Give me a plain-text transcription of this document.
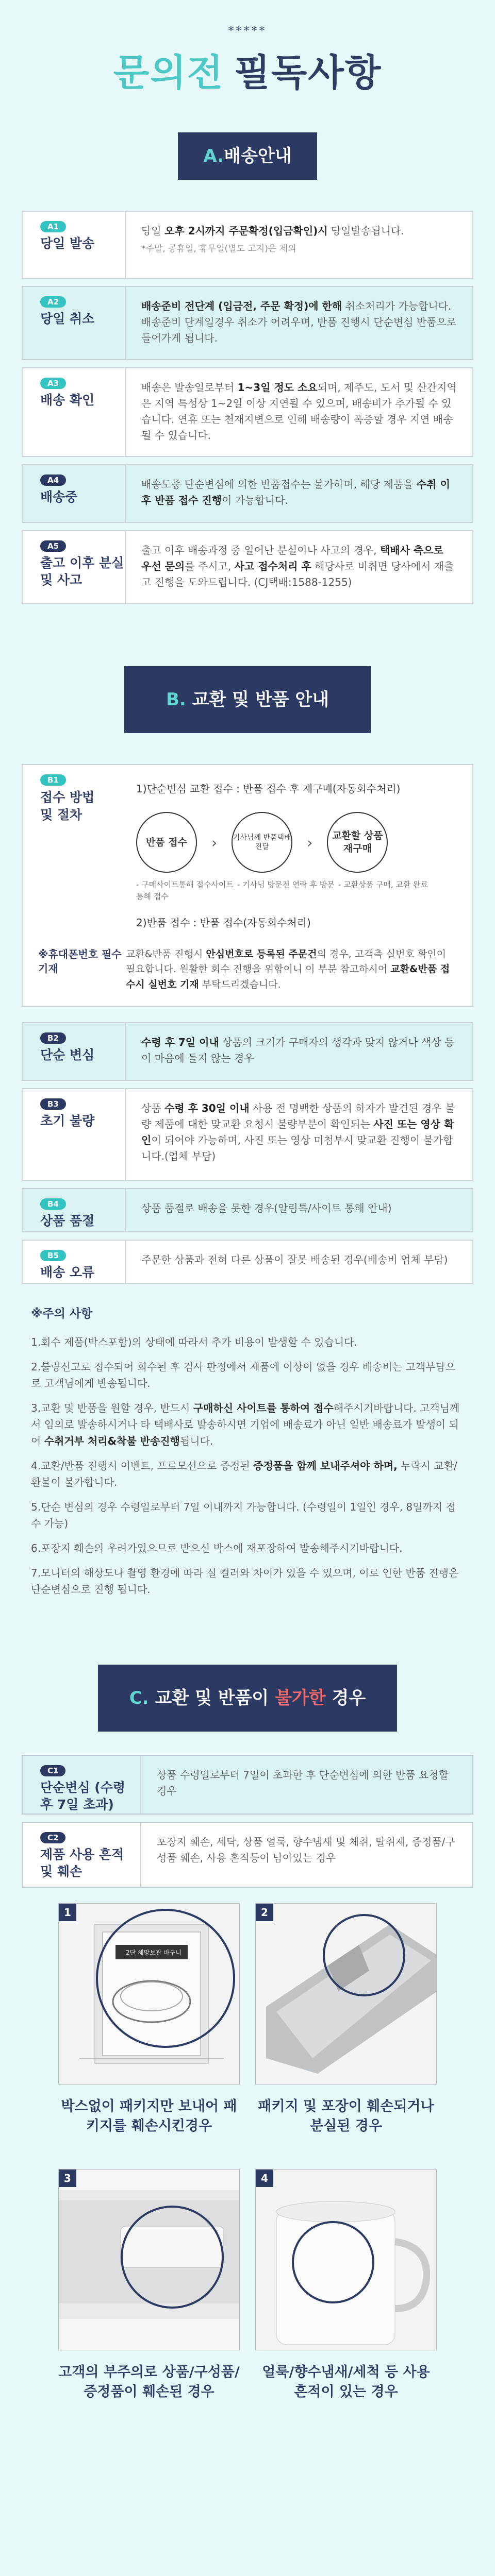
*****
문의전 필독사항
A.배송안내
A1
당일 발송
당일 오후 2시까지 주문확정(입금확인)시 당일발송됩니다.
*주말, 공휴일, 휴무일(별도 고지)은 제외
A2
당일 취소
배송준비 전단계 (입금전, 주문 확정)에 한해 취소처리가 가능합니다. 배송준비 단계일경우 취소가 어려우며, 반품 진행시 단순변심 반품으로 들어가게 됩니다.
A3
배송 확인
배송은 발송일로부터 1~3일 정도 소요되며, 제주도, 도서 및 산간지역은 지역 특성상 1~2일 이상 지연될 수 있으며, 배송비가 추가될 수 있습니다. 연휴 또는 천재지변으로 인해 배송량이 폭증할 경우 지연 배송될 수 있습니다.
A4
배송중
배송도중 단순변심에 의한 반품접수는 불가하며, 해당 제품을 수취 이후 반품 접수 진행이 가능합니다.
A5
출고 이후 분실 및 사고
출고 이후 배송과정 중 일어난 분실이나 사고의 경우, 택배사 측으로 우선 문의를 주시고, 사고 접수처리 후 해당사로 비춰면 당사에서 재출고 진행을 도와드립니다. (CJ택배:1588-1255)
B. 교환 및 반품 안내
B1
접수 방법
및 절차
1)단순변심 교환 접수 : 반품 접수 후 재구매(자동회수처리)
반품 접수	› 기사님께 반품택배 전달	›	교환할 상품 재구매
- 구매사이트통해 접수사이트 통해 접수
- 기사님 방문전 연락 후 방문 - 교환상품 구매, 교환 완료
2)반품 접수 : 반품 접수(자동회수처리)
※휴대폰번호 필수 기재
교환&반품 진행시 안심번호로 등록된 주문건의 경우, 고객측 실번호 확인이 필요합니다. 원활한 회수 진행을 위함이니 이 부분 참고하시어 교환&반품 접수시 실번호 기재 부탁드리겠습니다.
B2
단순 변심
수령 후 7일 이내 상품의 크기가 구매자의 생각과 맞지 않거나 색상 등이 마음에 들지 않는 경우
B3
초기 불량
상품 수령 후 30일 이내 사용 전 명백한 상품의 하자가 발견된 경우 불량 제품에 대한 맞교환 요청시 불량부분이 확인되는 사진 또는 영상 확인이 되어야 가능하며, 사진 또는 영상 미첨부시 맞교환 진행이 불가합니다.(업체 부담)
B4
상품 품절
상품 품절로 배송을 못한 경우(알림톡/사이트 통해 안내)
B5
배송 오류
주문한 상품과 전혀 다른 상품이 잘못 배송된 경우(배송비 업체 부담)
※주의 사항
1.회수 제품(박스포함)의 상태에 따라서 추가 비용이 발생할 수 있습니다.
2.불량신고로 접수되어 회수된 후 검사 판정에서 제품에 이상이 없을 경우 배송비는 고객부담으로 고객님에게 반송됩니다.
3.교환 및 반품을 원할 경우, 반드시 구매하신 사이트를 통하여 접수해주시기바랍니다. 고객님께서 임의로 발송하시거나 타 택배사로 발송하시면 기업에 배송료가 아닌 일반 배송료가 발생이 되어 수취거부 처리&착불 반송진행됩니다.
4.교환/반품 진행시 이벤트, 프로모션으로 증정된 증정품을 함께 보내주셔야 하며, 누락시 교환/환불이 불가합니다.
5.단순 변심의 경우 수령일로부터 7일 이내까지 가능합니다. (수령일이 1일인 경우, 8일까지 접수 가능)
6.포장지 훼손의 우려가있으므로 받으신 박스에 재포장하여 발송해주시기바랍니다.
7.모니터의 해상도나 촬영 환경에 따라 실 컬러와 차이가 있을 수 있으며, 이로 인한 반품 진행은 단순변심으로 진행 됩니다.
C. 교환 및 반품이 불가한 경우
C1
단순변심 (수령 후 7일 초과)
상품 수령일로부터 7일이 초과한 후 단순변심에 의한 반품 요청할 경우
C2
제품 사용 흔적 및 훼손
포장지 훼손, 세탁, 상품 얼룩, 향수냄새 및 체취, 탈취제, 증정품/구성품 훼손, 사용 흔적등이 남아있는 경우
1
2단 체망보관 바구니
박스없이 패키지만 보내어 패키지를 훼손시킨경우
2
패키지 및 포장이 훼손되거나 분실된 경우
3
고객의 부주의로 상품/구성품/증정품이 훼손된 경우
4
얼룩/향수냄새/세척 등 사용 흔적이 있는 경우
